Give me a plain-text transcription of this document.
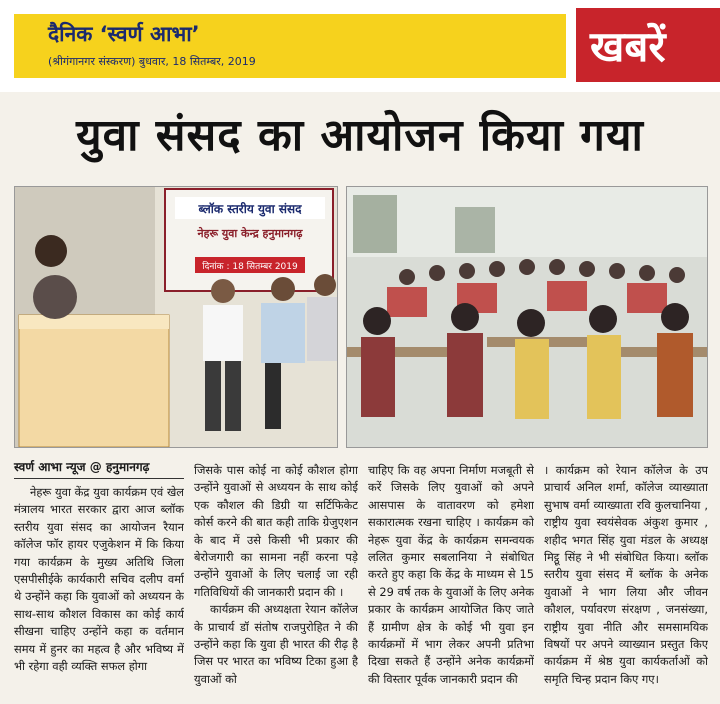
दैनिक ‘स्वर्ण आभा’
(श्रीगंगानगर संस्करण) बुधवार, 18 सितम्बर, 2019	खबरें
युवा संसद का आयोजन किया गया
ब्लॉक स्तरीय युवा संसद
नेहरू युवा केन्द्र हनुमानगढ़
दिनांक : 18 सितम्बर 2019
स्वर्ण आभा न्यूज @ हनुमानगढ़

नेहरू युवा केंद्र युवा कार्यक्रम एवं खेल मंत्रालय भारत सरकार द्वारा आज ब्लॉक स्तरीय युवा संसद का आयोजन रैयान कॉलेज फॉर हायर एजुकेशन में कि किया गया कार्यक्रम के मुख्य अतिथि जिला एसपीसीईके कार्यकारी सचिव दलीप वर्मा थे उन्होंने कहा कि युवाओं को अध्ययन के साथ-साथ कौशल विकास का कोई कार्य सीखना चाहिए उन्होंने कहा क वर्तमान समय में हुनर का महत्व है और भविष्य में भी रहेगा वही व्यक्ति सफल होगा

जिसके पास कोई ना कोई कौशल होगा उन्होंने युवाओं से अध्ययन के साथ कोई एक कौशल की डिग्री या सर्टिफिकेट कोर्स करने की बात कही ताकि ग्रेजुएशन के बाद में उसे किसी भी प्रकार की बेरोजगारी का सामना नहीं करना पड़े उन्होंने युवाओं के लिए चलाई जा रही गतिविधियों की जानकारी प्रदान की ।

कार्यक्रम की अध्यक्षता रेयान कॉलेज के प्राचार्य डॉ संतोष राजपुरोहित ने की उन्होंने कहा कि युवा ही भारत की रीढ़ है जिस पर भारत का भविष्य टिका हुआ है युवाओं को

चाहिए कि वह अपना निर्माण मजबूती से करें जिसके लिए युवाओं को अपने आसपास के वातावरण को हमेशा सकारात्मक रखना चाहिए । कार्यक्रम को नेहरू युवा केंद्र के कार्यक्रम समन्वयक ललित कुमार सबलानिया ने संबोधित करते हुए कहा कि केंद्र के माध्यम से 15 से 29 वर्ष तक के युवाओं के लिए अनेक प्रकार के कार्यक्रम आयोजित किए जाते हैं ग्रामीण क्षेत्र के कोई भी युवा इन कार्यक्रमों में भाग लेकर अपनी प्रतिभा दिखा सकते हैं उन्होंने अनेक कार्यक्रमों की विस्तार पूर्वक जानकारी प्रदान की

। कार्यक्रम को रेयान कॉलेज के उप प्राचार्य अनिल शर्मा, कॉलेज व्याख्याता सुभाष वर्मा व्याख्याता रवि कुलचानिया , राष्ट्रीय युवा स्वयंसेवक अंकुश कुमार , शहीद भगत सिंह युवा मंडल के अध्यक्ष मिट्ठू सिंह ने भी संबोधित किया। ब्लॉक स्तरीय युवा संसद में ब्लॉक के अनेक युवाओं ने भाग लिया और जीवन कौशल, पर्यावरण संरक्षण , जनसंख्या, राष्ट्रीय युवा नीति और समसामयिक विषयों पर अपने व्याख्यान प्रस्तुत किए कार्यक्रम में श्रेष्ठ युवा कार्यकर्ताओं को समृति चिन्ह प्रदान किए गए।
